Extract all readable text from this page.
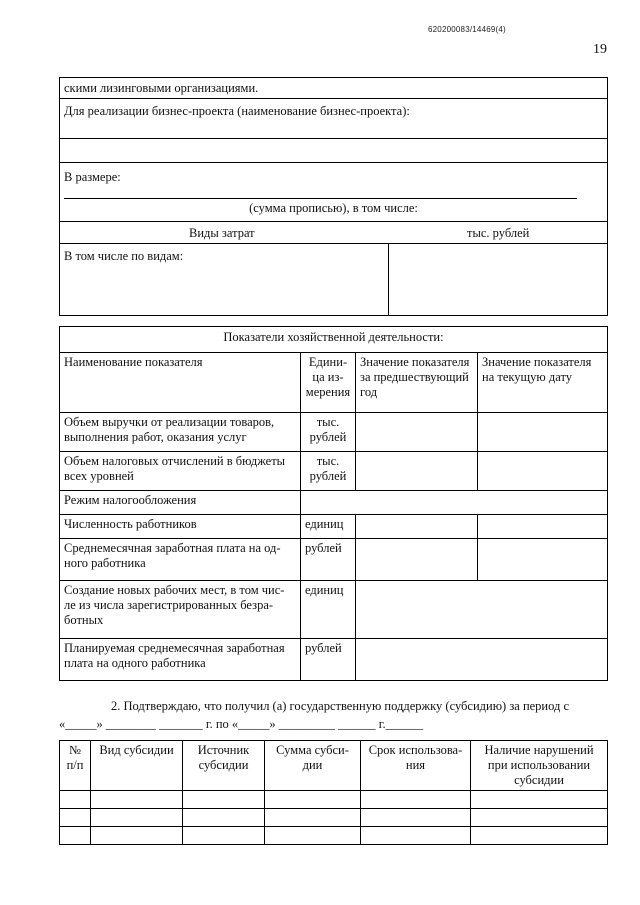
620200083/14469(4)
19
скими лизинговыми организациями.
Для реализации бизнес-проекта (наименование бизнес-проекта):
В размере:
(сумма прописью), в том числе:
Виды затрат	тыс. рублей
В том числе по видам:
Показатели хозяйственной деятельности:			
Наименование показателя	Едини-ца из-мерения	Значение показателя за предшествующий год	Значение показателя на текущую дату
Объем выручки от реализации товаров, выполнения работ, оказания услуг	тыс. рублей		
Объем налоговых отчислений в бюджеты всех уровней	тыс. рублей		
Режим налогообложения			
Численность работников	единиц		
Среднемесячная заработная плата на од-ного работника	рублей		
Создание новых рабочих мест, в том чис-ле из числа зарегистрированных безра-ботных	единиц		
Планируемая среднемесячная заработная плата на одного работника	рублей		
2. Подтверждаю, что получил (а) государственную поддержку (субсидию) за период с
«_____» ________ _______ г. по «_____» _________ ______ г.______
№ п/п	Вид субсидии	Источник субсидии	Сумма субси-дии	Срок использова-ния	Наличие нарушений при использовании субсидии
